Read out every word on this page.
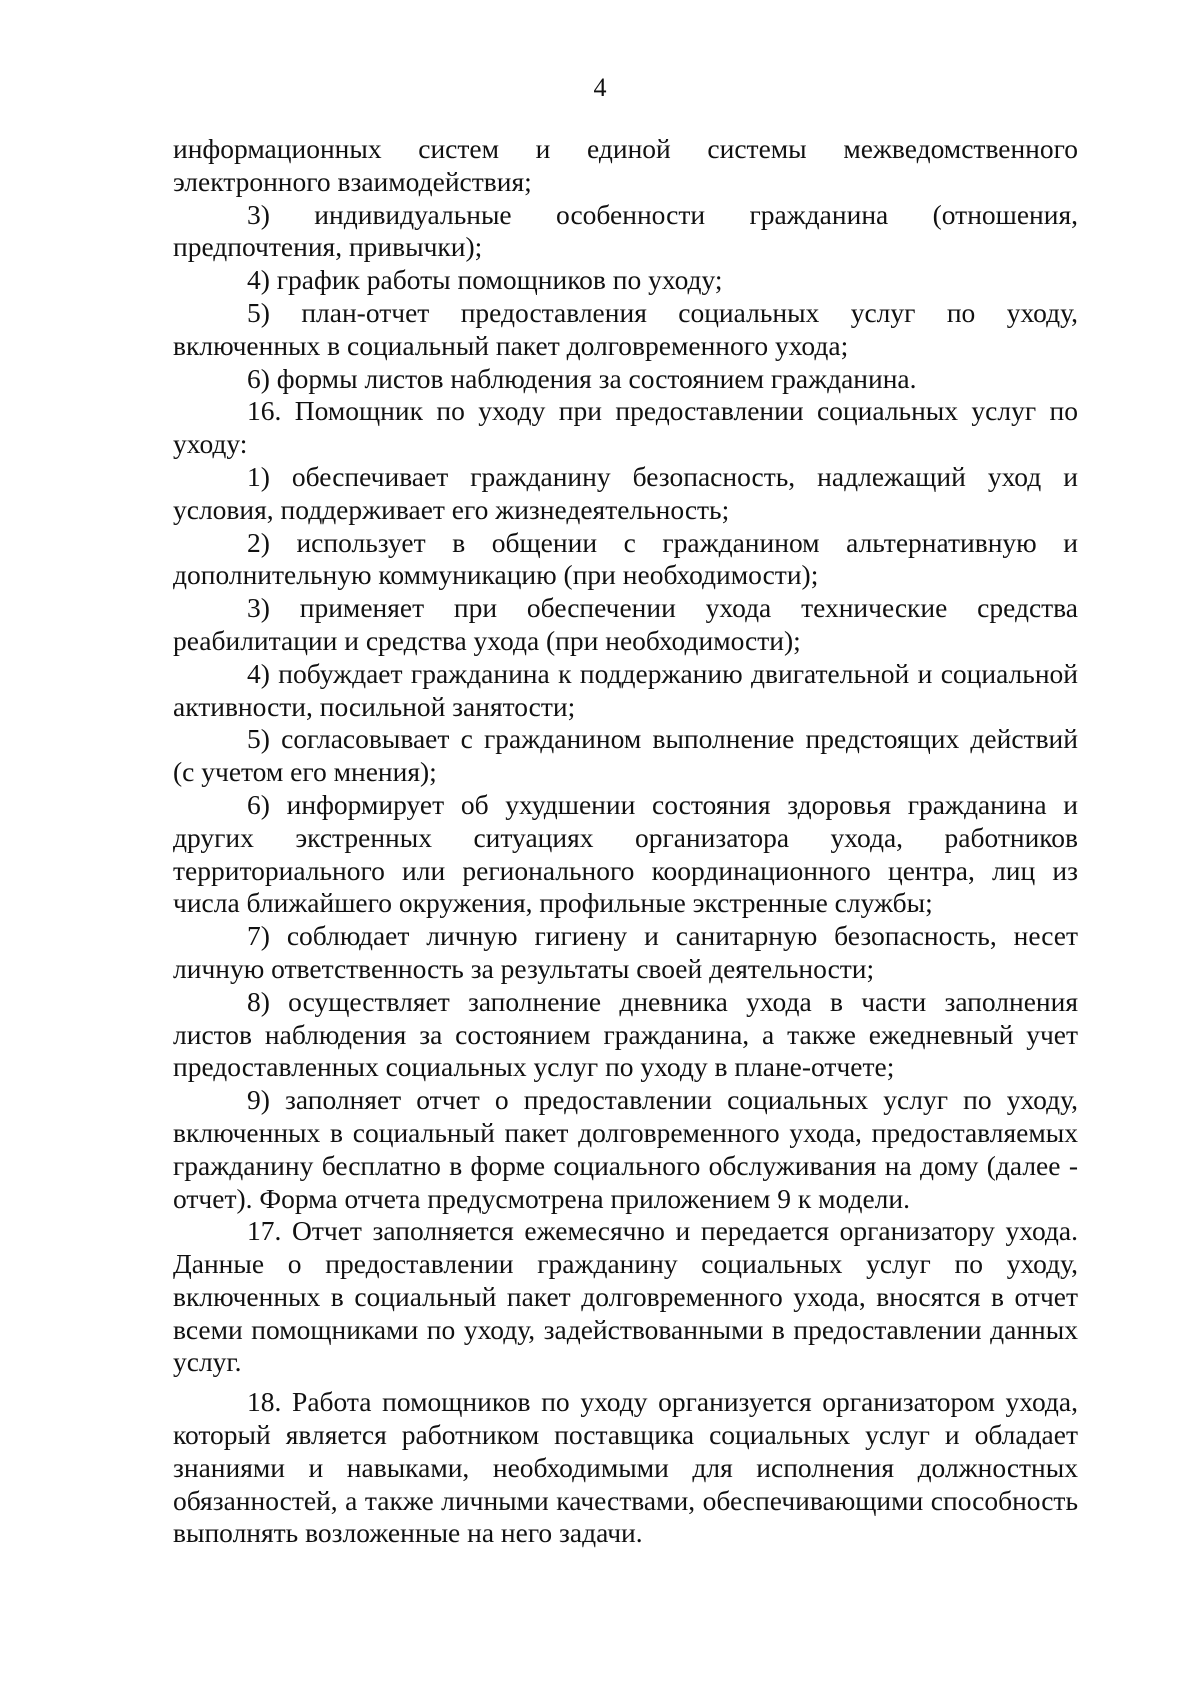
4

информационных систем и единой системы межведомственного электронного взаимодействия;

3) индивидуальные особенности гражданина (отношения, предпочтения, привычки);

4) график работы помощников по уходу;

5) план-отчет предоставления социальных услуг по уходу, включенных в социальный пакет долговременного ухода;

6) формы листов наблюдения за состоянием гражданина.

16. Помощник по уходу при предоставлении социальных услуг по уходу:

1) обеспечивает гражданину безопасность, надлежащий уход и условия, поддерживает его жизнедеятельность;

2) использует в общении с гражданином альтернативную и дополнительную коммуникацию (при необходимости);

3) применяет при обеспечении ухода технические средства реабилитации и средства ухода (при необходимости);

4) побуждает гражданина к поддержанию двигательной и социальной активности, посильной занятости;

5) согласовывает с гражданином выполнение предстоящих действий (с учетом его мнения);

6) информирует об ухудшении состояния здоровья гражданина и других экстренных ситуациях организатора ухода, работников территориального или регионального координационного центра, лиц из числа ближайшего окружения, профильные экстренные службы;

7) соблюдает личную гигиену и санитарную безопасность, несет личную ответственность за результаты своей деятельности;

8) осуществляет заполнение дневника ухода в части заполнения листов наблюдения за состоянием гражданина, а также ежедневный учет предоставленных социальных услуг по уходу в плане-отчете;

9) заполняет отчет о предоставлении социальных услуг по уходу, включенных в социальный пакет долговременного ухода, предоставляемых гражданину бесплатно в форме социального обслуживания на дому (далее - отчет). Форма отчета предусмотрена приложением 9 к модели.

17. Отчет заполняется ежемесячно и передается организатору ухода. Данные о предоставлении гражданину социальных услуг по уходу, включенных в социальный пакет долговременного ухода, вносятся в отчет всеми помощниками по уходу, задействованными в предоставлении данных услуг.

18. Работа помощников по уходу организуется организатором ухода, который является работником поставщика социальных услуг и обладает знаниями и навыками, необходимыми для исполнения должностных обязанностей, а также личными качествами, обеспечивающими способность выполнять возложенные на него задачи.
